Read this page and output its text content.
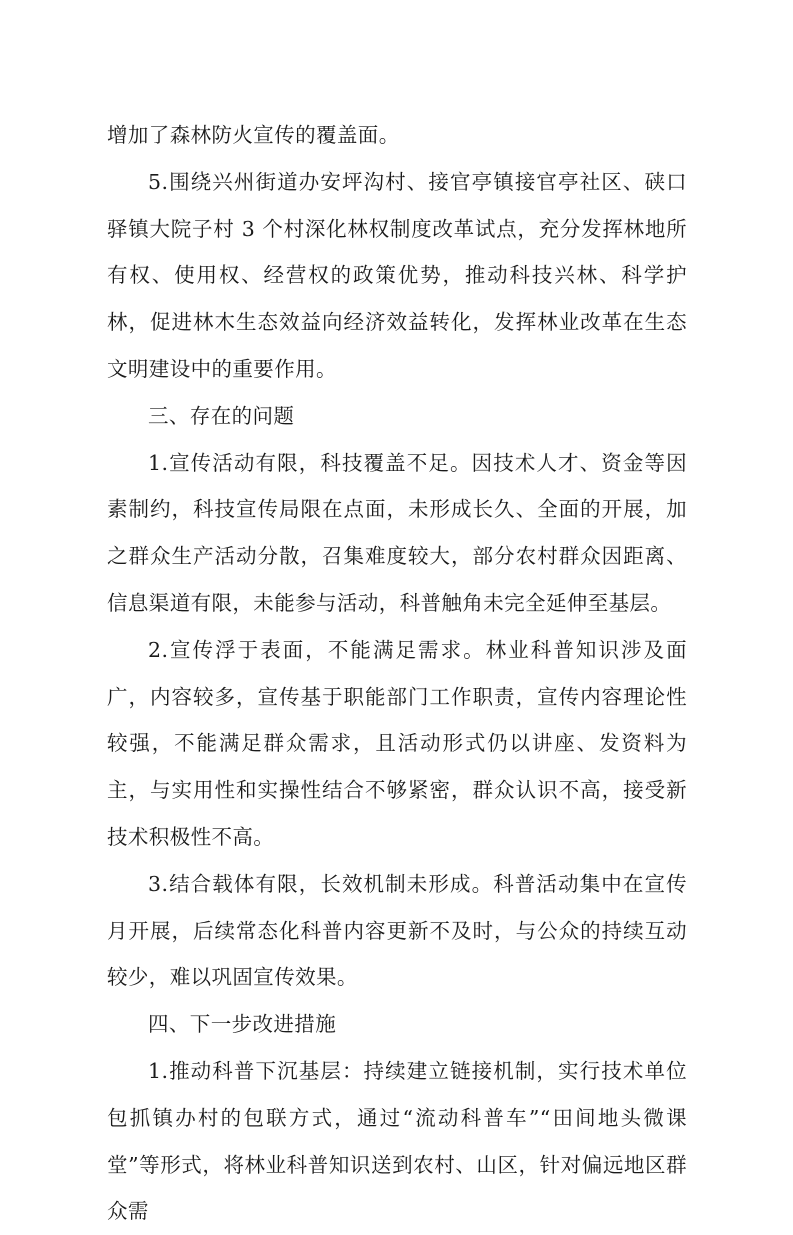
增加了森林防火宣传的覆盖面。

5.围绕兴州街道办安坪沟村、接官亭镇接官亭社区、硖口驿镇大院子村 3 个村深化林权制度改革试点，充分发挥林地所有权、使用权、经营权的政策优势，推动科技兴林、科学护林，促进林木生态效益向经济效益转化，发挥林业改革在生态文明建设中的重要作用。

三、存在的问题

1.宣传活动有限，科技覆盖不足。因技术人才、资金等因素制约，科技宣传局限在点面，未形成长久、全面的开展，加之群众生产活动分散，召集难度较大，部分农村群众因距离、信息渠道有限，未能参与活动，科普触角未完全延伸至基层。

2.宣传浮于表面，不能满足需求。林业科普知识涉及面广，内容较多，宣传基于职能部门工作职责，宣传内容理论性较强，不能满足群众需求，且活动形式仍以讲座、发资料为主，与实用性和实操性结合不够紧密，群众认识不高，接受新技术积极性不高。

3.结合载体有限，长效机制未形成。科普活动集中在宣传月开展，后续常态化科普内容更新不及时，与公众的持续互动较少，难以巩固宣传效果。

四、下一步改进措施

1.推动科普下沉基层：持续建立链接机制，实行技术单位包抓镇办村的包联方式，通过“流动科普车”“田间地头微课堂”等形式，将林业科普知识送到农村、山区，针对偏远地区群众需
